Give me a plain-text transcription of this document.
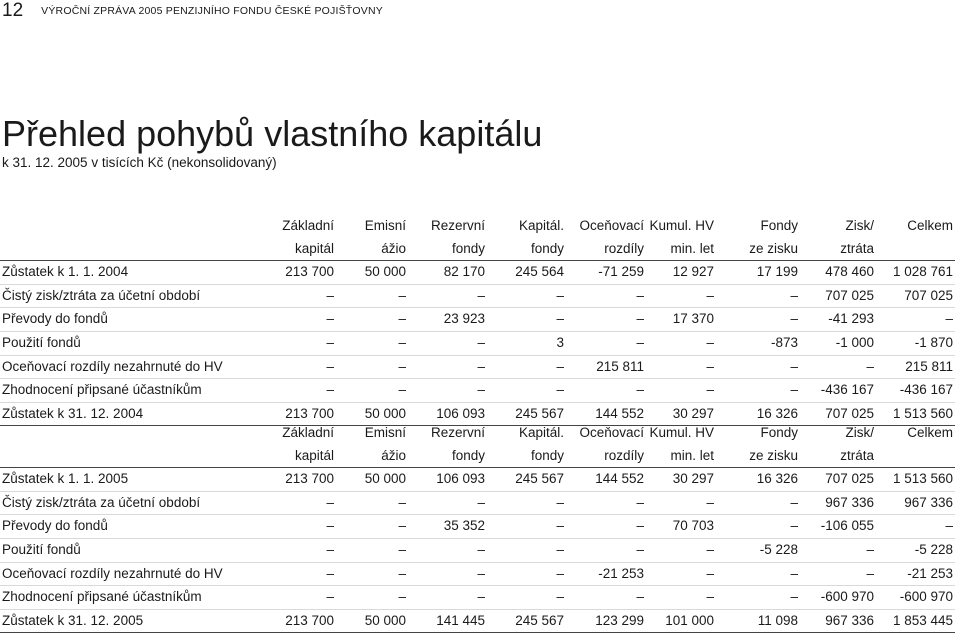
12 VÝROČNÍ ZPRÁVA 2005 PENZIJNÍHO FONDU ČESKÉ POJIŠŤOVNY
Přehled pohybů vlastního kapitálu
k 31. 12. 2005 v tisících Kč (nekonsolidovaný)
	Základní	Emisní	Rezervní	Kapitál.	Oceňovací	Kumul. HV	Fondy	Zisk/	Celkem
	kapitál	ážio	fondy	fondy	rozdíly	min. let	ze zisku	ztráta	
Zůstatek k 1. 1. 2004	213 700	50 000	82 170	245 564	-71 259	12 927	17 199	478 460	1 028 761
Čistý zisk/ztráta za účetní období	–	–	–	–	–	–	–	707 025	707 025
Převody do fondů	–	–	23 923	–	–	17 370	–	-41 293	–
Použití fondů	–	–	–	3	–	–	-873	-1 000	-1 870
Oceňovací rozdíly nezahrnuté do HV	–	–	–	–	215 811	–	–	–	215 811
Zhodnocení připsané účastníkům	–	–	–	–	–	–	–	-436 167	-436 167
Zůstatek k 31. 12. 2004	213 700	50 000	106 093	245 567	144 552	30 297	16 326	707 025	1 513 560
	Základní	Emisní	Rezervní	Kapitál.	Oceňovací	Kumul. HV	Fondy	Zisk/	Celkem
	kapitál	ážio	fondy	fondy	rozdíly	min. let	ze zisku	ztráta	
Zůstatek k 1. 1. 2005	213 700	50 000	106 093	245 567	144 552	30 297	16 326	707 025	1 513 560
Čistý zisk/ztráta za účetní období	–	–	–	–	–	–	–	967 336	967 336
Převody do fondů	–	–	35 352	–	–	70 703	–	-106 055	–
Použití fondů	–	–	–	–	–	–	-5 228	–	-5 228
Oceňovací rozdíly nezahrnuté do HV	–	–	–	–	-21 253	–	–	–	-21 253
Zhodnocení připsané účastníkům	–	–	–	–	–	–	–	-600 970	-600 970
Zůstatek k 31. 12. 2005	213 700	50 000	141 445	245 567	123 299	101 000	11 098	967 336	1 853 445
